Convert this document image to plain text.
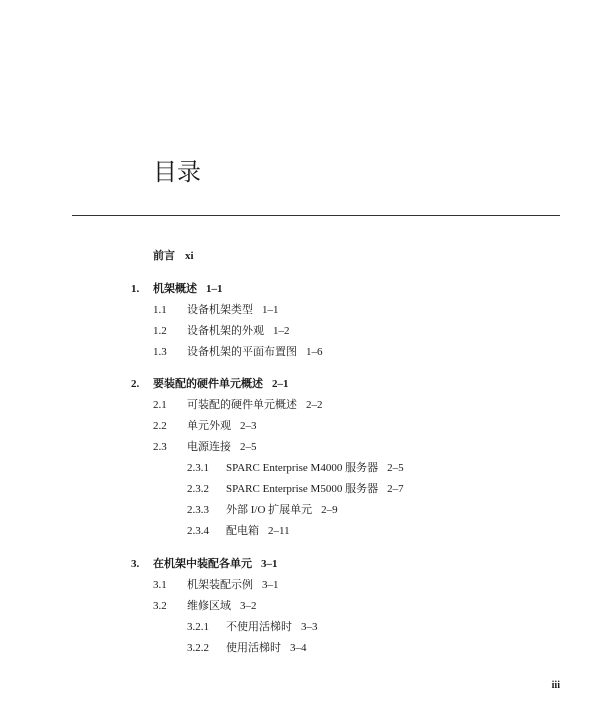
目录
前言 xi
1. 机架概述 1–1
1.1 设备机架类型 1–1
1.2 设备机架的外观 1–2
1.3 设备机架的平面布置图 1–6
2. 要装配的硬件单元概述 2–1
2.1 可装配的硬件单元概述 2–2
2.2 单元外观 2–3
2.3 电源连接 2–5
2.3.1 SPARC Enterprise M4000 服务器 2–5
2.3.2 SPARC Enterprise M5000 服务器 2–7
2.3.3 外部 I/O 扩展单元 2–9
2.3.4 配电箱 2–11
3. 在机架中装配各单元 3–1
3.1 机架装配示例 3–1
3.2 维修区域 3–2
3.2.1 不使用活梯时 3–3
3.2.2 使用活梯时 3–4
iii
